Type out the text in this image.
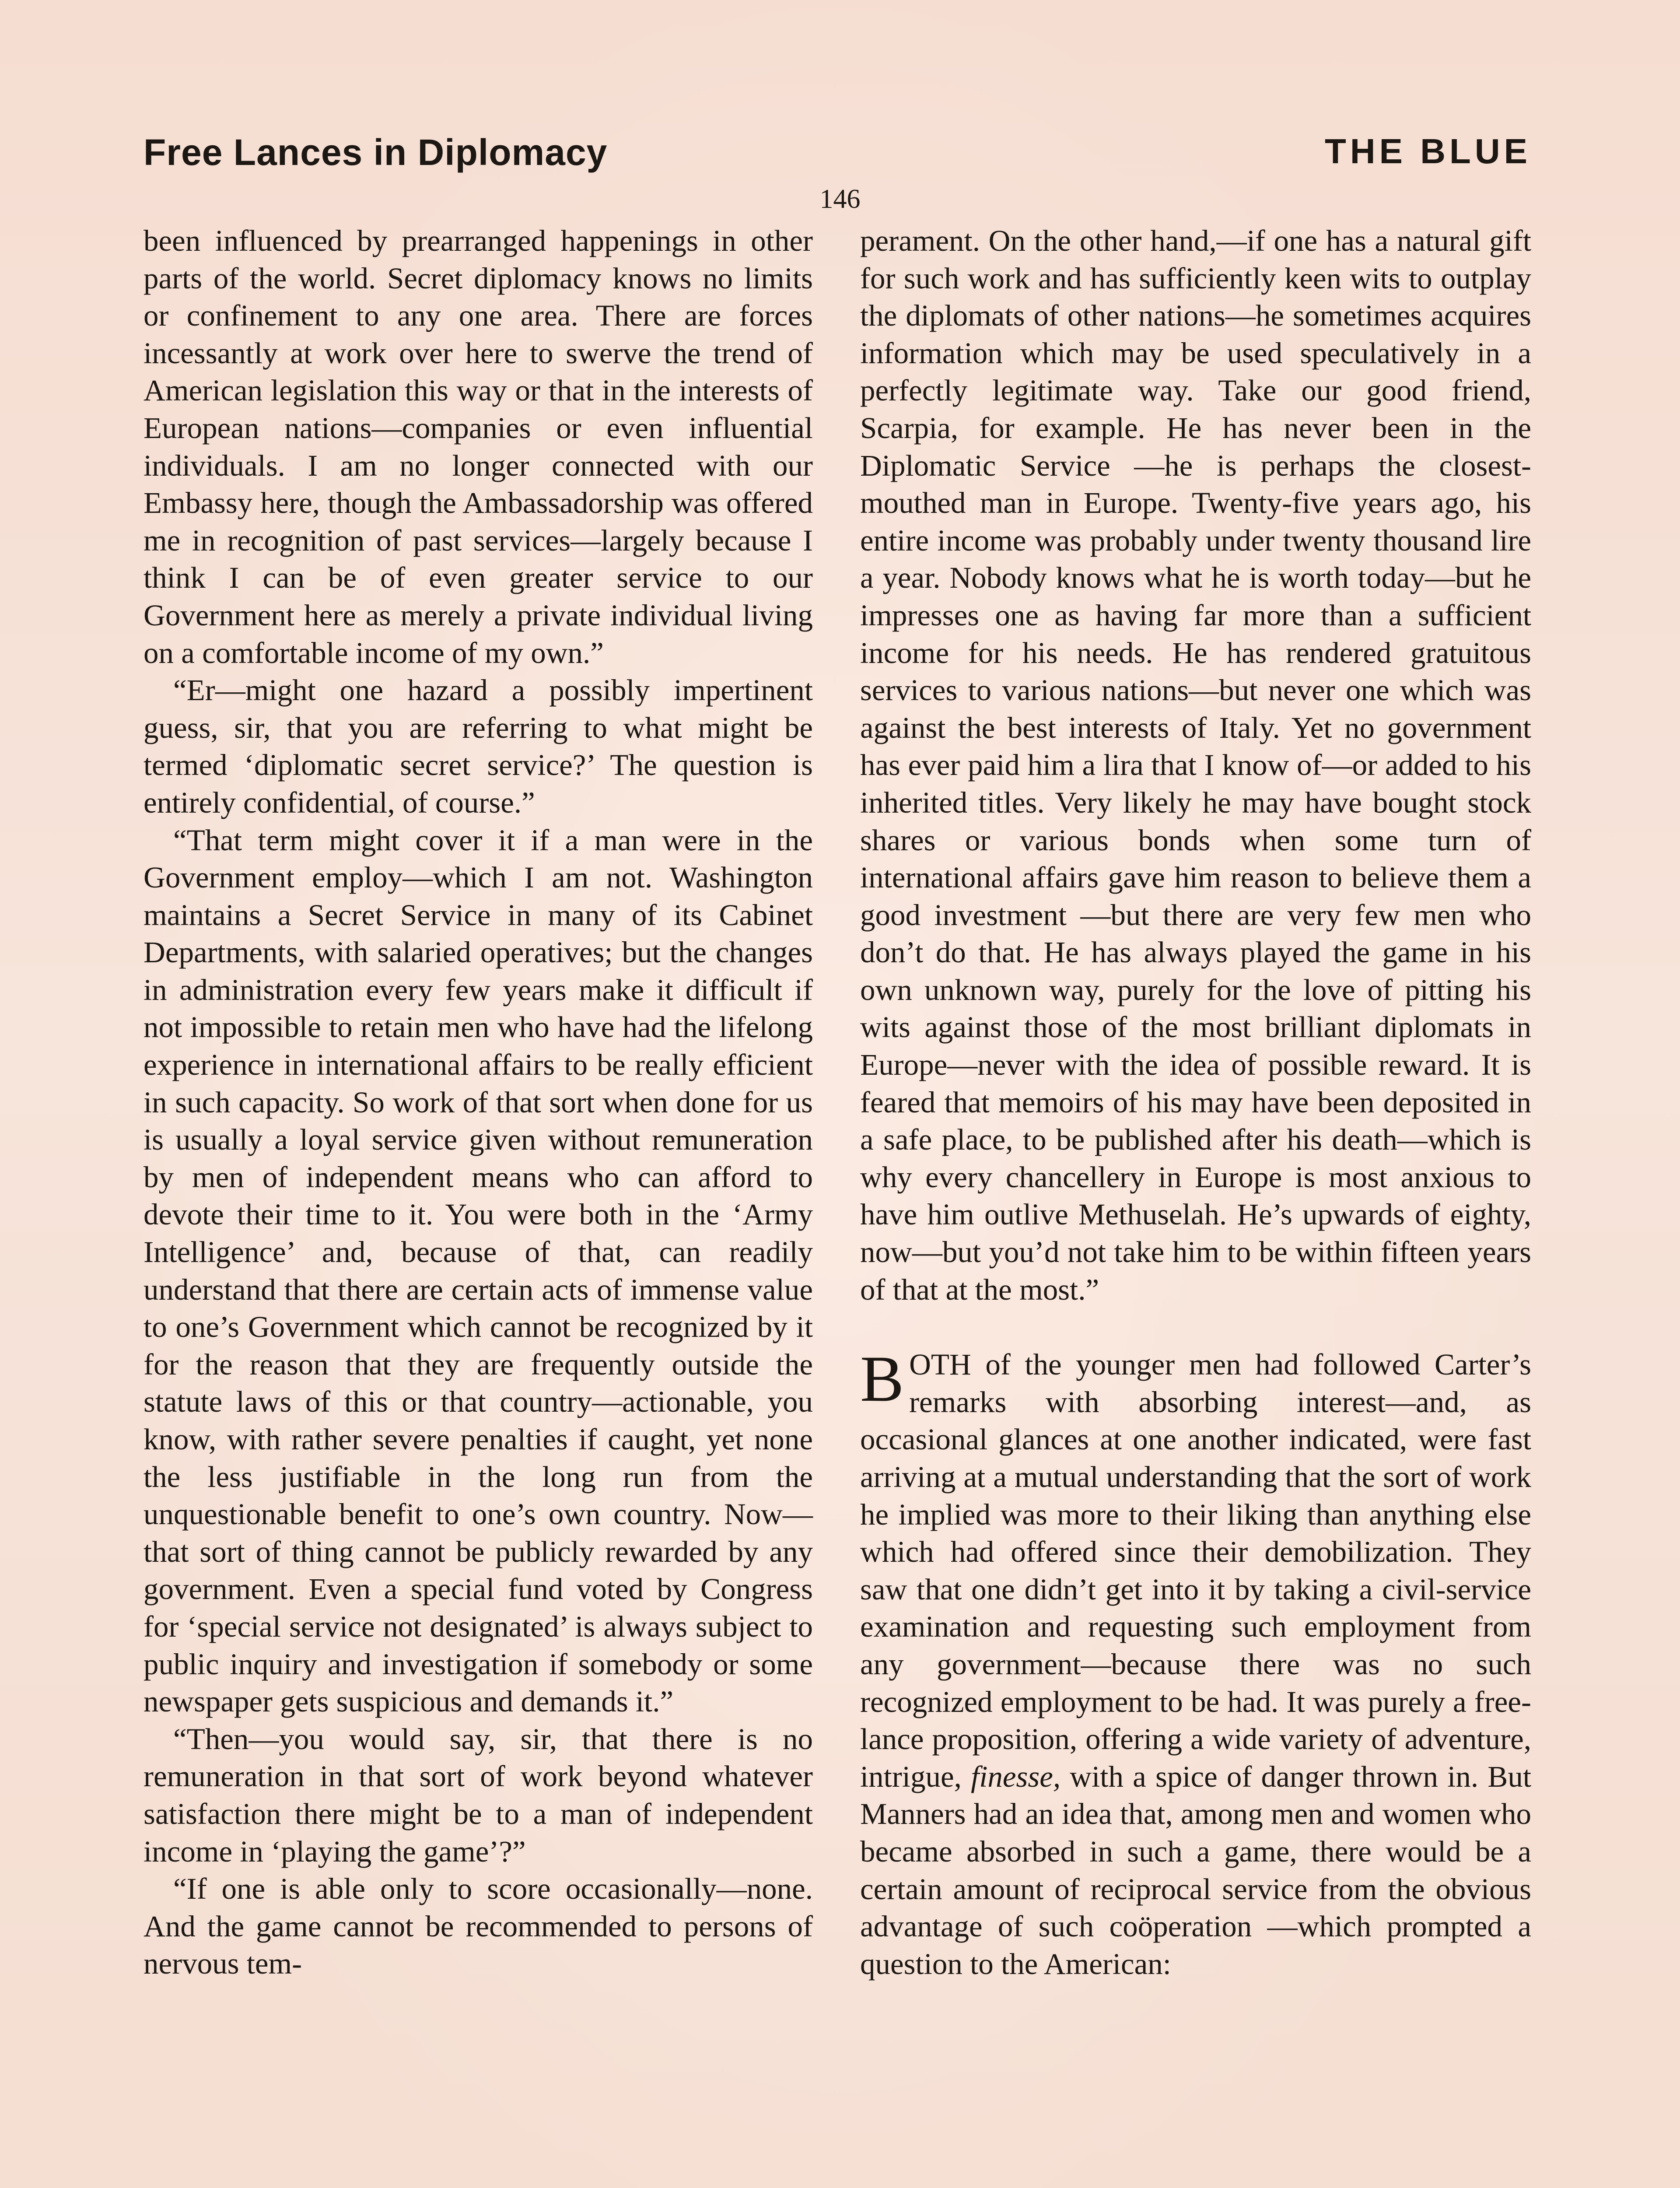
Free Lances in Diplomacy	THE BLUE
146

been influenced by prearranged happenings in other parts of the world. Secret diplomacy knows no limits or confinement to any one area. There are forces incessantly at work over here to swerve the trend of American legislation this way or that in the interests of European nations—companies or even influential individuals. I am no longer connected with our Embassy here, though the Ambassadorship was offered me in recognition of past services—largely because I think I can be of even greater service to our Government here as merely a private individual living on a comfortable income of my own.”

“Er—might one hazard a possibly impertinent guess, sir, that you are referring to what might be termed ‘diplomatic secret service?’ The question is entirely confidential, of course.”

“That term might cover it if a man were in the Government employ—which I am not. Washington maintains a Secret Service in many of its Cabinet Departments, with salaried operatives; but the changes in administration every few years make it difficult if not impossible to retain men who have had the lifelong experience in international affairs to be really efficient in such capacity. So work of that sort when done for us is usually a loyal service given without remuneration by men of independent means who can afford to devote their time to it. You were both in the ‘Army Intelligence’ and, because of that, can readily understand that there are certain acts of immense value to one’s Government which cannot be recognized by it for the reason that they are frequently outside the statute laws of this or that country—actionable, you know, with rather severe penalties if caught, yet none the less justifiable in the long run from the unquestionable benefit to one’s own country. Now—that sort of thing cannot be publicly rewarded by any government. Even a special fund voted by Congress for ‘special service not designated’ is always subject to public inquiry and investigation if somebody or some newspaper gets suspicious and demands it.”

“Then—you would say, sir, that there is no remuneration in that sort of work beyond whatever satisfaction there might be to a man of independent income in ‘playing the game’?”

“If one is able only to score occasionally—none. And the game cannot be recommended to persons of nervous tem-

perament. On the other hand,—if one has a natural gift for such work and has sufficiently keen wits to outplay the diplomats of other nations—he sometimes acquires information which may be used speculatively in a perfectly legitimate way. Take our good friend, Scarpia, for example. He has never been in the Diplomatic Service —he is perhaps the closest-mouthed man in Europe. Twenty-five years ago, his entire income was probably under twenty thousand lire a year. Nobody knows what he is worth today—but he impresses one as having far more than a sufficient income for his needs. He has rendered gratuitous services to various nations—but never one which was against the best interests of Italy. Yet no government has ever paid him a lira that I know of—or added to his inherited titles. Very likely he may have bought stock shares or various bonds when some turn of international affairs gave him reason to believe them a good investment —but there are very few men who don’t do that. He has always played the game in his own unknown way, purely for the love of pitting his wits against those of the most brilliant diplomats in Europe—never with the idea of possible reward. It is feared that memoirs of his may have been deposited in a safe place, to be published after his death—which is why every chancellery in Europe is most anxious to have him outlive Methuselah. He’s upwards of eighty, now—but you’d not take him to be within fifteen years of that at the most.”

BOTH of the younger men had followed Carter’s remarks with absorbing interest—and, as occasional glances at one another indicated, were fast arriving at a mutual understanding that the sort of work he implied was more to their liking than anything else which had offered since their demobilization. They saw that one didn’t get into it by taking a civil-service examination and requesting such employment from any government—because there was no such recognized employment to be had. It was purely a free-lance proposition, offering a wide variety of adventure, intrigue, finesse, with a spice of danger thrown in. But Manners had an idea that, among men and women who became absorbed in such a game, there would be a certain amount of reciprocal service from the obvious advantage of such coöperation —which prompted a question to the American:
